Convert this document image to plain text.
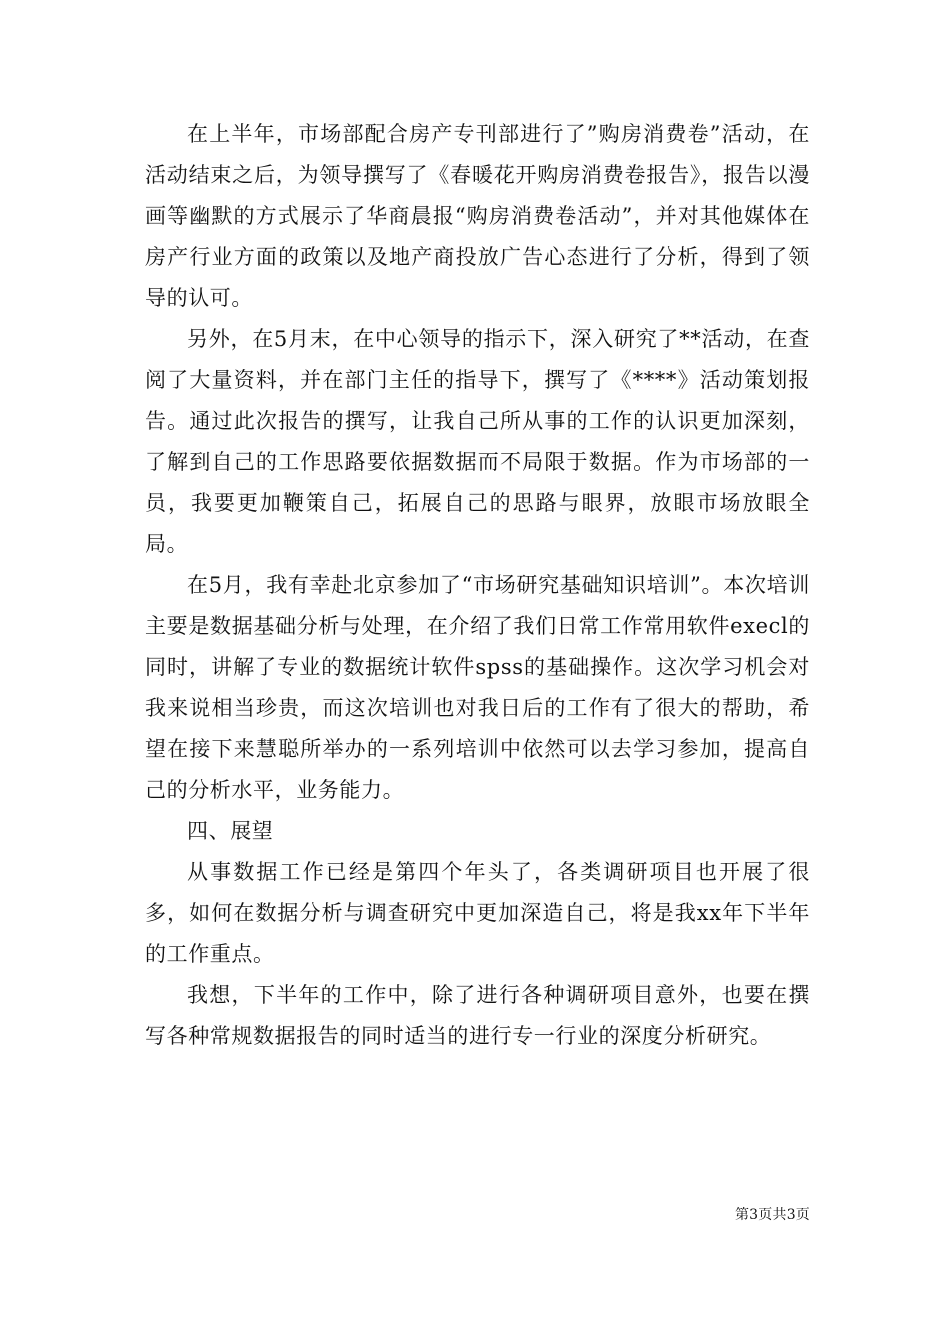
在上半年，市场部配合房产专刊部进行了”购房消费卷”活动，在活动结束之后，为领导撰写了《春暖花开购房消费卷报告》，报告以漫画等幽默的方式展示了华商晨报“购房消费卷活动”，并对其他媒体在房产行业方面的政策以及地产商投放广告心态进行了分析，得到了领导的认可。

另外，在5月末，在中心领导的指示下，深入研究了**活动，在查阅了大量资料，并在部门主任的指导下，撰写了《****》活动策划报告。通过此次报告的撰写，让我自己所从事的工作的认识更加深刻，了解到自己的工作思路要依据数据而不局限于数据。作为市场部的一员，我要更加鞭策自己，拓展自己的思路与眼界，放眼市场放眼全局。

在5月，我有幸赴北京参加了“市场研究基础知识培训”。本次培训主要是数据基础分析与处理，在介绍了我们日常工作常用软件execl的同时，讲解了专业的数据统计软件spss的基础操作。这次学习机会对我来说相当珍贵，而这次培训也对我日后的工作有了很大的帮助，希望在接下来慧聪所举办的一系列培训中依然可以去学习参加，提高自己的分析水平，业务能力。

四、展望

从事数据工作已经是第四个年头了，各类调研项目也开展了很多，如何在数据分析与调查研究中更加深造自己，将是我xx年下半年的工作重点。

我想，下半年的工作中，除了进行各种调研项目意外，也要在撰写各种常规数据报告的同时适当的进行专一行业的深度分析研究。

第3页共3页
